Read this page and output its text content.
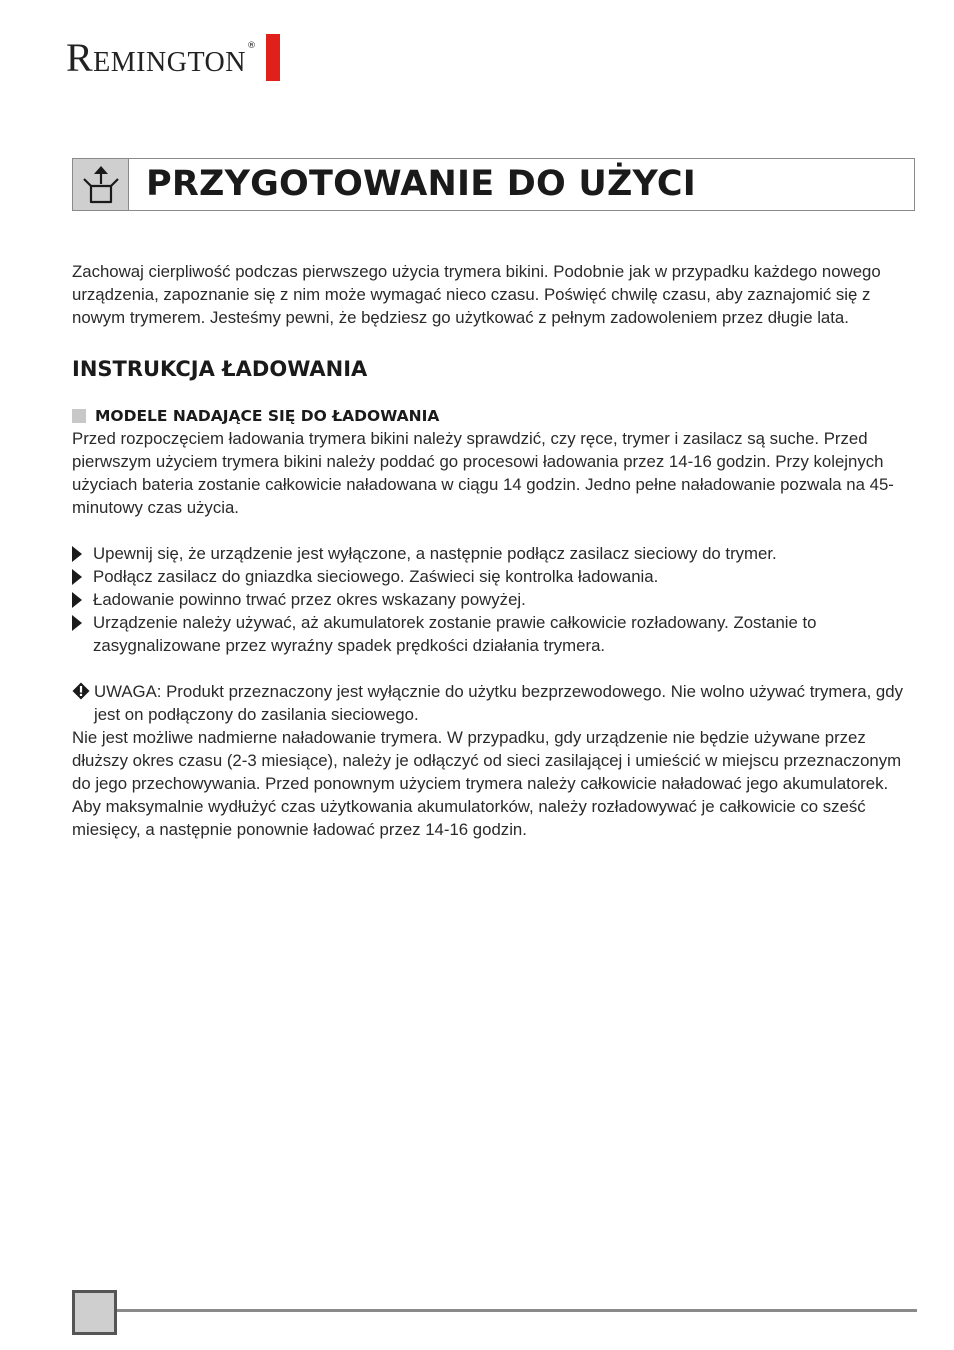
Remington ®
PRZYGOTOWANIE DO UŻYCI

Zachowaj cierpliwość podczas pierwszego użycia trymera bikini. Podobnie jak w przypadku każdego nowego urządzenia, zapoznanie się z nim może wymagać nieco czasu. Poświęć chwilę czasu, aby zaznajomić się z nowym trymerem. Jesteśmy pewni, że będziesz go użytkować z pełnym zadowoleniem przez długie lata.

INSTRUKCJA ŁADOWANIA
MODELE NADAJĄCE SIĘ DO ŁADOWANIA

Przed rozpoczęciem ładowania trymera bikini należy sprawdzić, czy ręce, trymer i zasilacz są suche. Przed pierwszym użyciem trymera bikini należy poddać go procesowi ładowania przez 14-16 godzin. Przy kolejnych użyciach bateria zostanie całkowicie naładowana w ciągu 14 godzin. Jedno pełne naładowanie pozwala na 45-minutowy czas użycia.

Upewnij się, że urządzenie jest wyłączone, a następnie podłącz zasilacz sieciowy do trymer.
Podłącz zasilacz do gniazdka sieciowego. Zaświeci się kontrolka ładowania.
Ładowanie powinno trwać przez okres wskazany powyżej.
Urządzenie należy używać, aż akumulatorek zostanie prawie całkowicie rozładowany. Zostanie to zasygnalizowane przez wyraźny spadek prędkości działania trymera.
UWAGA: Produkt przeznaczony jest wyłącznie do użytku bezprzewodowego. Nie wolno używać trymera, gdy jest on podłączony do zasilania sieciowego.

Nie jest możliwe nadmierne naładowanie trymera. W przypadku, gdy urządzenie nie będzie używane przez dłuższy okres czasu (2-3 miesiące), należy je odłączyć od sieci zasilającej i umieścić w miejscu przeznaczonym do jego przechowywania. Przed ponownym użyciem trymera należy całkowicie naładować jego akumulatorek.

Aby maksymalnie wydłużyć czas użytkowania akumulatorków, należy rozładowywać je całkowicie co sześć miesięcy, a następnie ponownie ładować przez 14-16 godzin.
